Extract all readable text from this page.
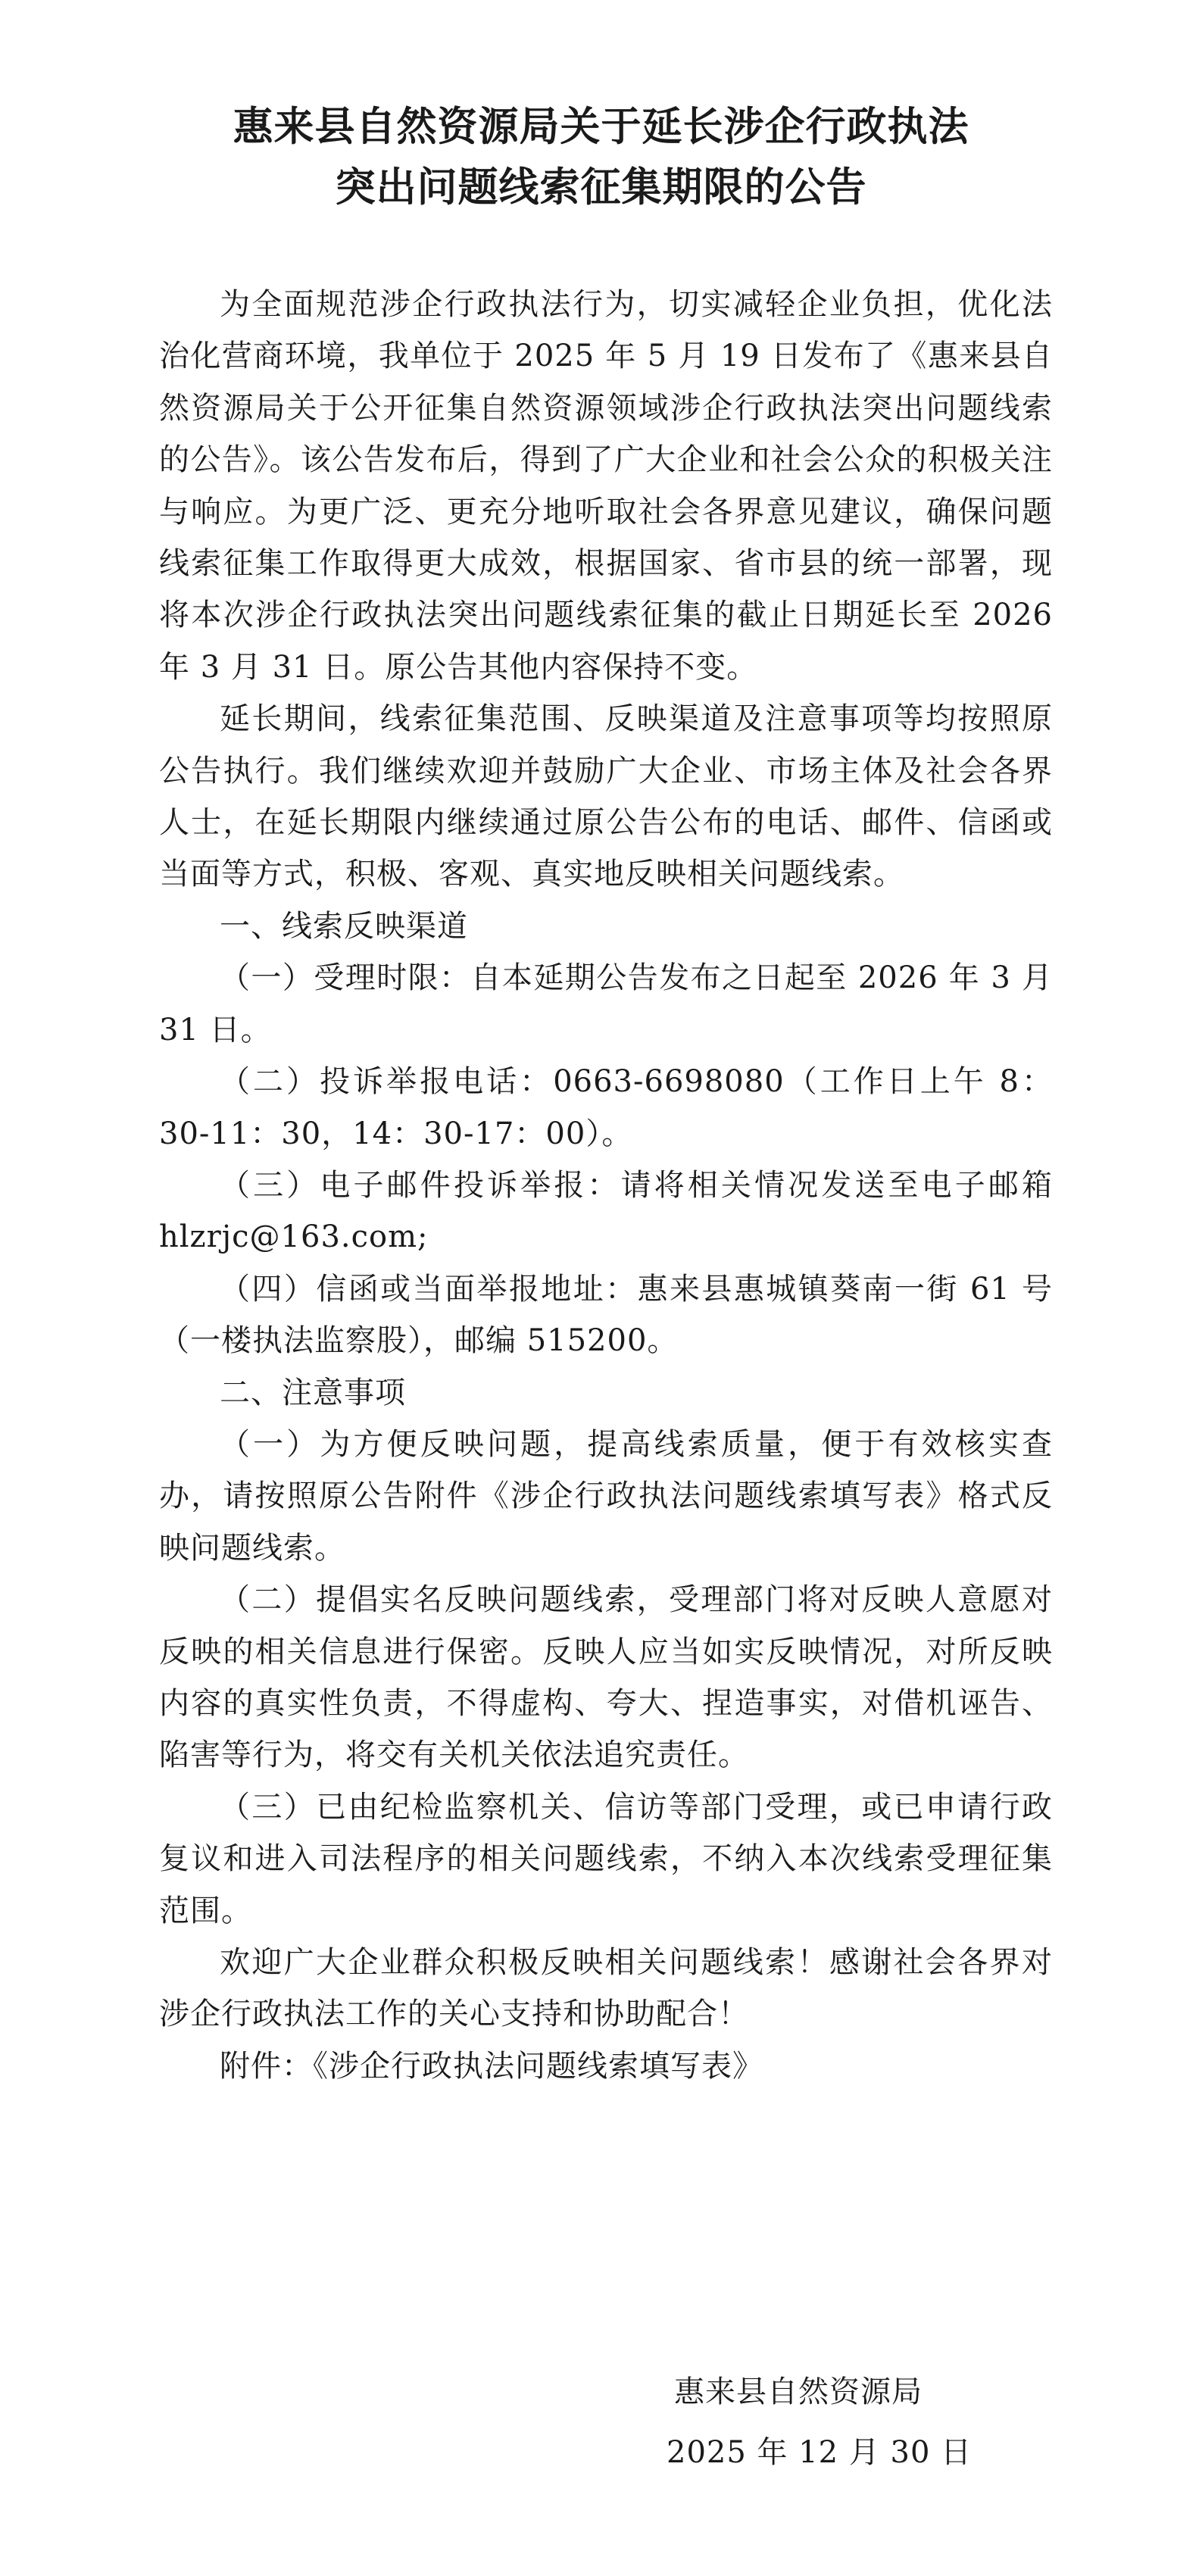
惠来县自然资源局关于延长涉企行政执法
突出问题线索征集期限的公告

为全面规范涉企行政执法行为，切实减轻企业负担，优化法治化营商环境，我单位于 2025 年 5 月 19 日发布了《惠来县自然资源局关于公开征集自然资源领域涉企行政执法突出问题线索的公告》。该公告发布后，得到了广大企业和社会公众的积极关注与响应。为更广泛、更充分地听取社会各界意见建议，确保问题线索征集工作取得更大成效，根据国家、省市县的统一部署，现将本次涉企行政执法突出问题线索征集的截止日期延长至 2026 年 3 月 31 日。原公告其他内容保持不变。

延长期间，线索征集范围、反映渠道及注意事项等均按照原公告执行。我们继续欢迎并鼓励广大企业、市场主体及社会各界人士，在延长期限内继续通过原公告公布的电话、邮件、信函或当面等方式，积极、客观、真实地反映相关问题线索。

一、线索反映渠道

（一）受理时限：自本延期公告发布之日起至 2026 年 3 月 31 日。

（二）投诉举报电话：0663-6698080（工作日上午 8：30-11：30，14：30-17：00）。

（三）电子邮件投诉举报：请将相关情况发送至电子邮箱 hlzrjc@163.com;

（四）信函或当面举报地址：惠来县惠城镇葵南一街 61 号（一楼执法监察股），邮编 515200。

二、注意事项

（一）为方便反映问题，提高线索质量，便于有效核实查办，请按照原公告附件《涉企行政执法问题线索填写表》格式反映问题线索。

（二）提倡实名反映问题线索，受理部门将对反映人意愿对反映的相关信息进行保密。反映人应当如实反映情况，对所反映内容的真实性负责，不得虚构、夸大、捏造事实，对借机诬告、陷害等行为，将交有关机关依法追究责任。

（三）已由纪检监察机关、信访等部门受理，或已申请行政复议和进入司法程序的相关问题线索，不纳入本次线索受理征集范围。

欢迎广大企业群众积极反映相关问题线索！感谢社会各界对涉企行政执法工作的关心支持和协助配合！

附件：《涉企行政执法问题线索填写表》

惠来县自然资源局
2025 年 12 月 30 日
